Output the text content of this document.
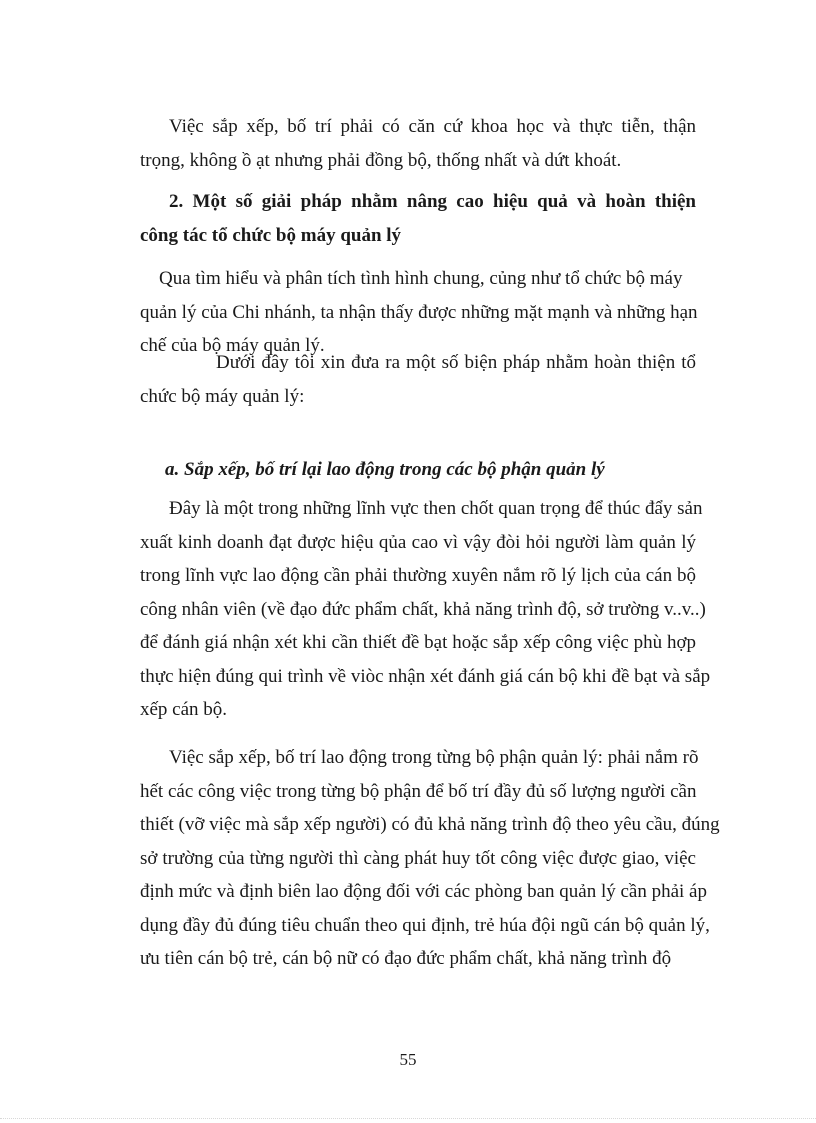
Việc sắp xếp, bố trí phải có căn cứ khoa học và thực tiễn, thận
trọng, không ồ ạt nhưng phải đồng bộ, thống nhất và dứt khoát.
2. Một số giải pháp nhằm nâng cao hiệu quả và hoàn thiện
công tác tổ chức bộ máy quản lý
Qua tìm hiểu và phân tích tình hình chung, củng như tổ chức bộ máy
quản lý của Chi nhánh, ta nhận thấy được những mặt mạnh và những hạn
chế của bộ máy quản lý.
Dưới đây tôi xin đưa ra một số biện pháp nhằm hoàn thiện tổ
chức bộ máy quản lý:
a. Sắp xếp, bố trí lại lao động trong các bộ phận quản lý
Đây là một trong những lĩnh vực then chốt quan trọng để thúc đẩy sản
xuất kinh doanh đạt được hiệu qủa cao vì vậy đòi hỏi người làm quản lý
trong lĩnh vực lao động cần phải thường xuyên nắm rõ lý lịch của cán bộ
công nhân viên (về đạo đức phẩm chất, khả năng trình độ, sở trường v..v..)
để đánh giá nhận xét khi cần thiết đề bạt hoặc sắp xếp công việc phù hợp
thực hiện đúng qui trình về viòc nhận xét đánh giá cán bộ khi đề bạt và sắp
xếp cán bộ.
Việc sắp xếp, bố trí lao động trong từng bộ phận quản lý: phải nắm rõ
hết các công việc trong từng bộ phận để bố trí đầy đủ số lượng người cần
thiết (vỡ việc mà sắp xếp người) có đủ khả năng trình độ theo yêu cầu, đúng
sở trường của từng người thì càng phát huy tốt công việc được giao, việc
định mức và định biên lao động đối với các phòng ban quản lý cần phải áp
dụng đầy đủ đúng tiêu chuẩn theo qui định, trẻ húa đội ngũ cán bộ quản lý,
ưu tiên cán bộ trẻ, cán bộ nữ có đạo đức phẩm chất, khả năng trình độ
55
